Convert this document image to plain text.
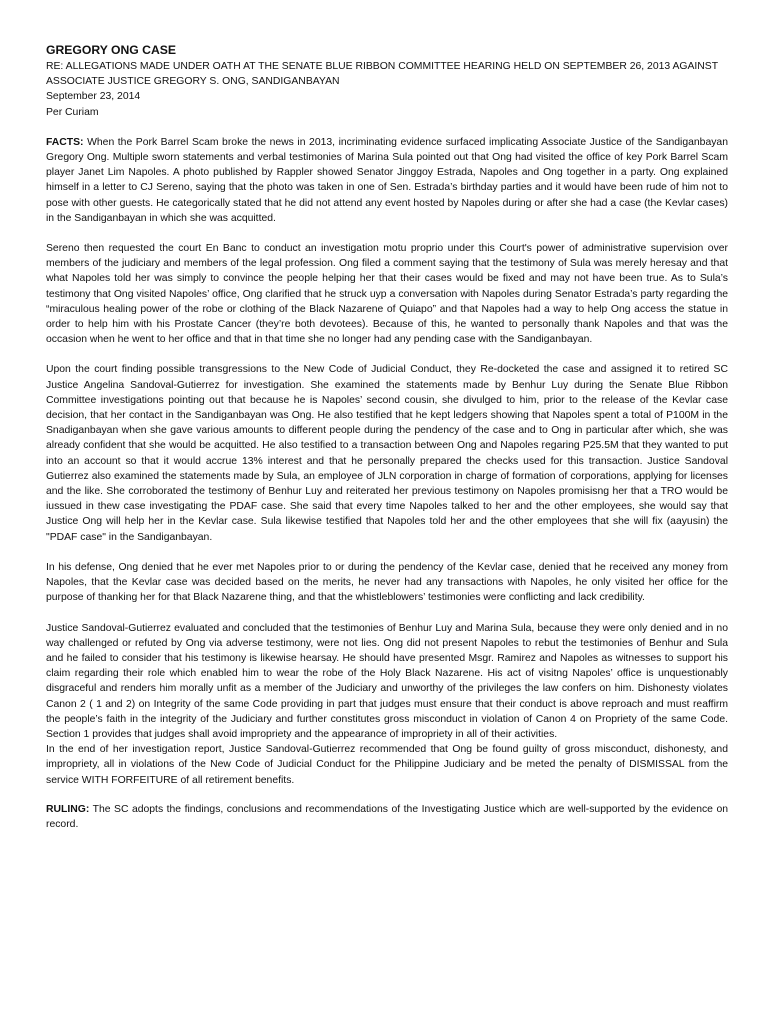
GREGORY ONG CASE
RE: ALLEGATIONS MADE UNDER OATH AT THE SENATE BLUE RIBBON COMMITTEE HEARING HELD ON SEPTEMBER 26, 2013 AGAINST ASSOCIATE JUSTICE GREGORY S. ONG, SANDIGANBAYAN
September 23, 2014
Per Curiam

FACTS: When the Pork Barrel Scam broke the news in 2013, incriminating evidence surfaced implicating Associate Justice of the Sandiganbayan Gregory Ong. Multiple sworn statements and verbal testimonies of Marina Sula pointed out that Ong had visited the office of key Pork Barrel Scam player Janet Lim Napoles. A photo published by Rappler showed Senator Jinggoy Estrada, Napoles and Ong together in a party. Ong explained himself in a letter to CJ Sereno, saying that the photo was taken in one of Sen. Estrada’s birthday parties and it would have been rude of him not to pose with other guests. He categorically stated that he did not attend any event hosted by Napoles during or after she had a case (the Kevlar cases) in the Sandiganbayan in which she was acquitted.

Sereno then requested the court En Banc to conduct an investigation motu proprio under this Court's power of administrative supervision over members of the judiciary and members of the legal profession. Ong filed a comment saying that the testimony of Sula was merely heresay and that what Napoles told her was simply to convince the people helping her that their cases would be fixed and may not have been true. As to Sula’s testimony that Ong visited Napoles’ office, Ong clarified that he struck uyp a conversation with Napoles during Senator Estrada’s party regarding the “miraculous healing power of the robe or clothing of the Black Nazarene of Quiapo” and that Napoles had a way to help Ong access the statue in order to help him with his Prostate Cancer (they’re both devotees). Because of this, he wanted to personally thank Napoles and that was the occasion when he went to her office and that in that time she no longer had any pending case with the Sandiganbayan.

Upon the court finding possible transgressions to the New Code of Judicial Conduct, they Re-docketed the case and assigned it to retired SC Justice Angelina Sandoval-Gutierrez for investigation. She examined the statements made by Benhur Luy during the Senate Blue Ribbon Committee investigations pointing out that because he is Napoles’ second cousin, she divulged to him, prior to the release of the Kevlar case decision, that her contact in the Sandiganbayan was Ong. He also testified that he kept ledgers showing that Napoles spent a total of P100M in the Snadiganbayan when she gave various amounts to different people during the pendency of the case and to Ong in particular after which, she was already confident that she would be acquitted. He also testified to a transaction between Ong and Napoles regaring P25.5M that they wanted to put into an account so that it would accrue 13% interest and that he personally prepared the checks used for this transaction. Justice Sandoval Gutierrez also examined the statements made by Sula, an employee of JLN corporation in charge of formation of corporations, applying for licenses and the like. She corroborated the testimony of Benhur Luy and reiterated her previous testimony on Napoles promisisng her that a TRO would be iussued in thew case investigating the PDAF case. She said that every time Napoles talked to her and the other employees, she would say that Justice Ong will help her in the Kevlar case. Sula likewise testified that Napoles told her and the other employees that she will fix (aayusin) the "PDAF case" in the Sandiganbayan.

In his defense, Ong denied that he ever met Napoles prior to or during the pendency of the Kevlar case, denied that he received any money from Napoles, that the Kevlar case was decided based on the merits, he never had any transactions with Napoles, he only visited her office for the purpose of thanking her for that Black Nazarene thing, and that the whistleblowers’ testimonies were conflicting and lack credibility.

Justice Sandoval-Gutierrez evaluated and concluded that the testimonies of Benhur Luy and Marina Sula, because they were only denied and in no way challenged or refuted by Ong via adverse testimony, were not lies. Ong did not present Napoles to rebut the testimonies of Benhur and Sula and he failed to consider that his testimony is likewise hearsay. He should have presented Msgr. Ramirez and Napoles as witnesses to support his claim regarding their role which enabled him to wear the robe of the Holy Black Nazarene. His act of visitng Napoles’ office is unquestionably disgraceful and renders him morally unfit as a member of the Judiciary and unworthy of the privileges the law confers on him. Dishonesty violates Canon 2 ( 1 and 2) on Integrity of the same Code providing in part that judges must ensure that their conduct is above reproach and must reaffirm the people’s faith in the integrity of the Judiciary and further constitutes gross misconduct in violation of Canon 4 on Propriety of the same Code. Section 1 provides that judges shall avoid impropriety and the appearance of impropriety in all of their activities.

In the end of her investigation report, Justice Sandoval-Gutierrez recommended that Ong be found guilty of gross misconduct, dishonesty, and impropriety, all in violations of the New Code of Judicial Conduct for the Philippine Judiciary and be meted the penalty of DISMISSAL from the service WITH FORFEITURE of all retirement benefits.

RULING: The SC adopts the findings, conclusions and recommendations of the Investigating Justice which are well-supported by the evidence on record.
